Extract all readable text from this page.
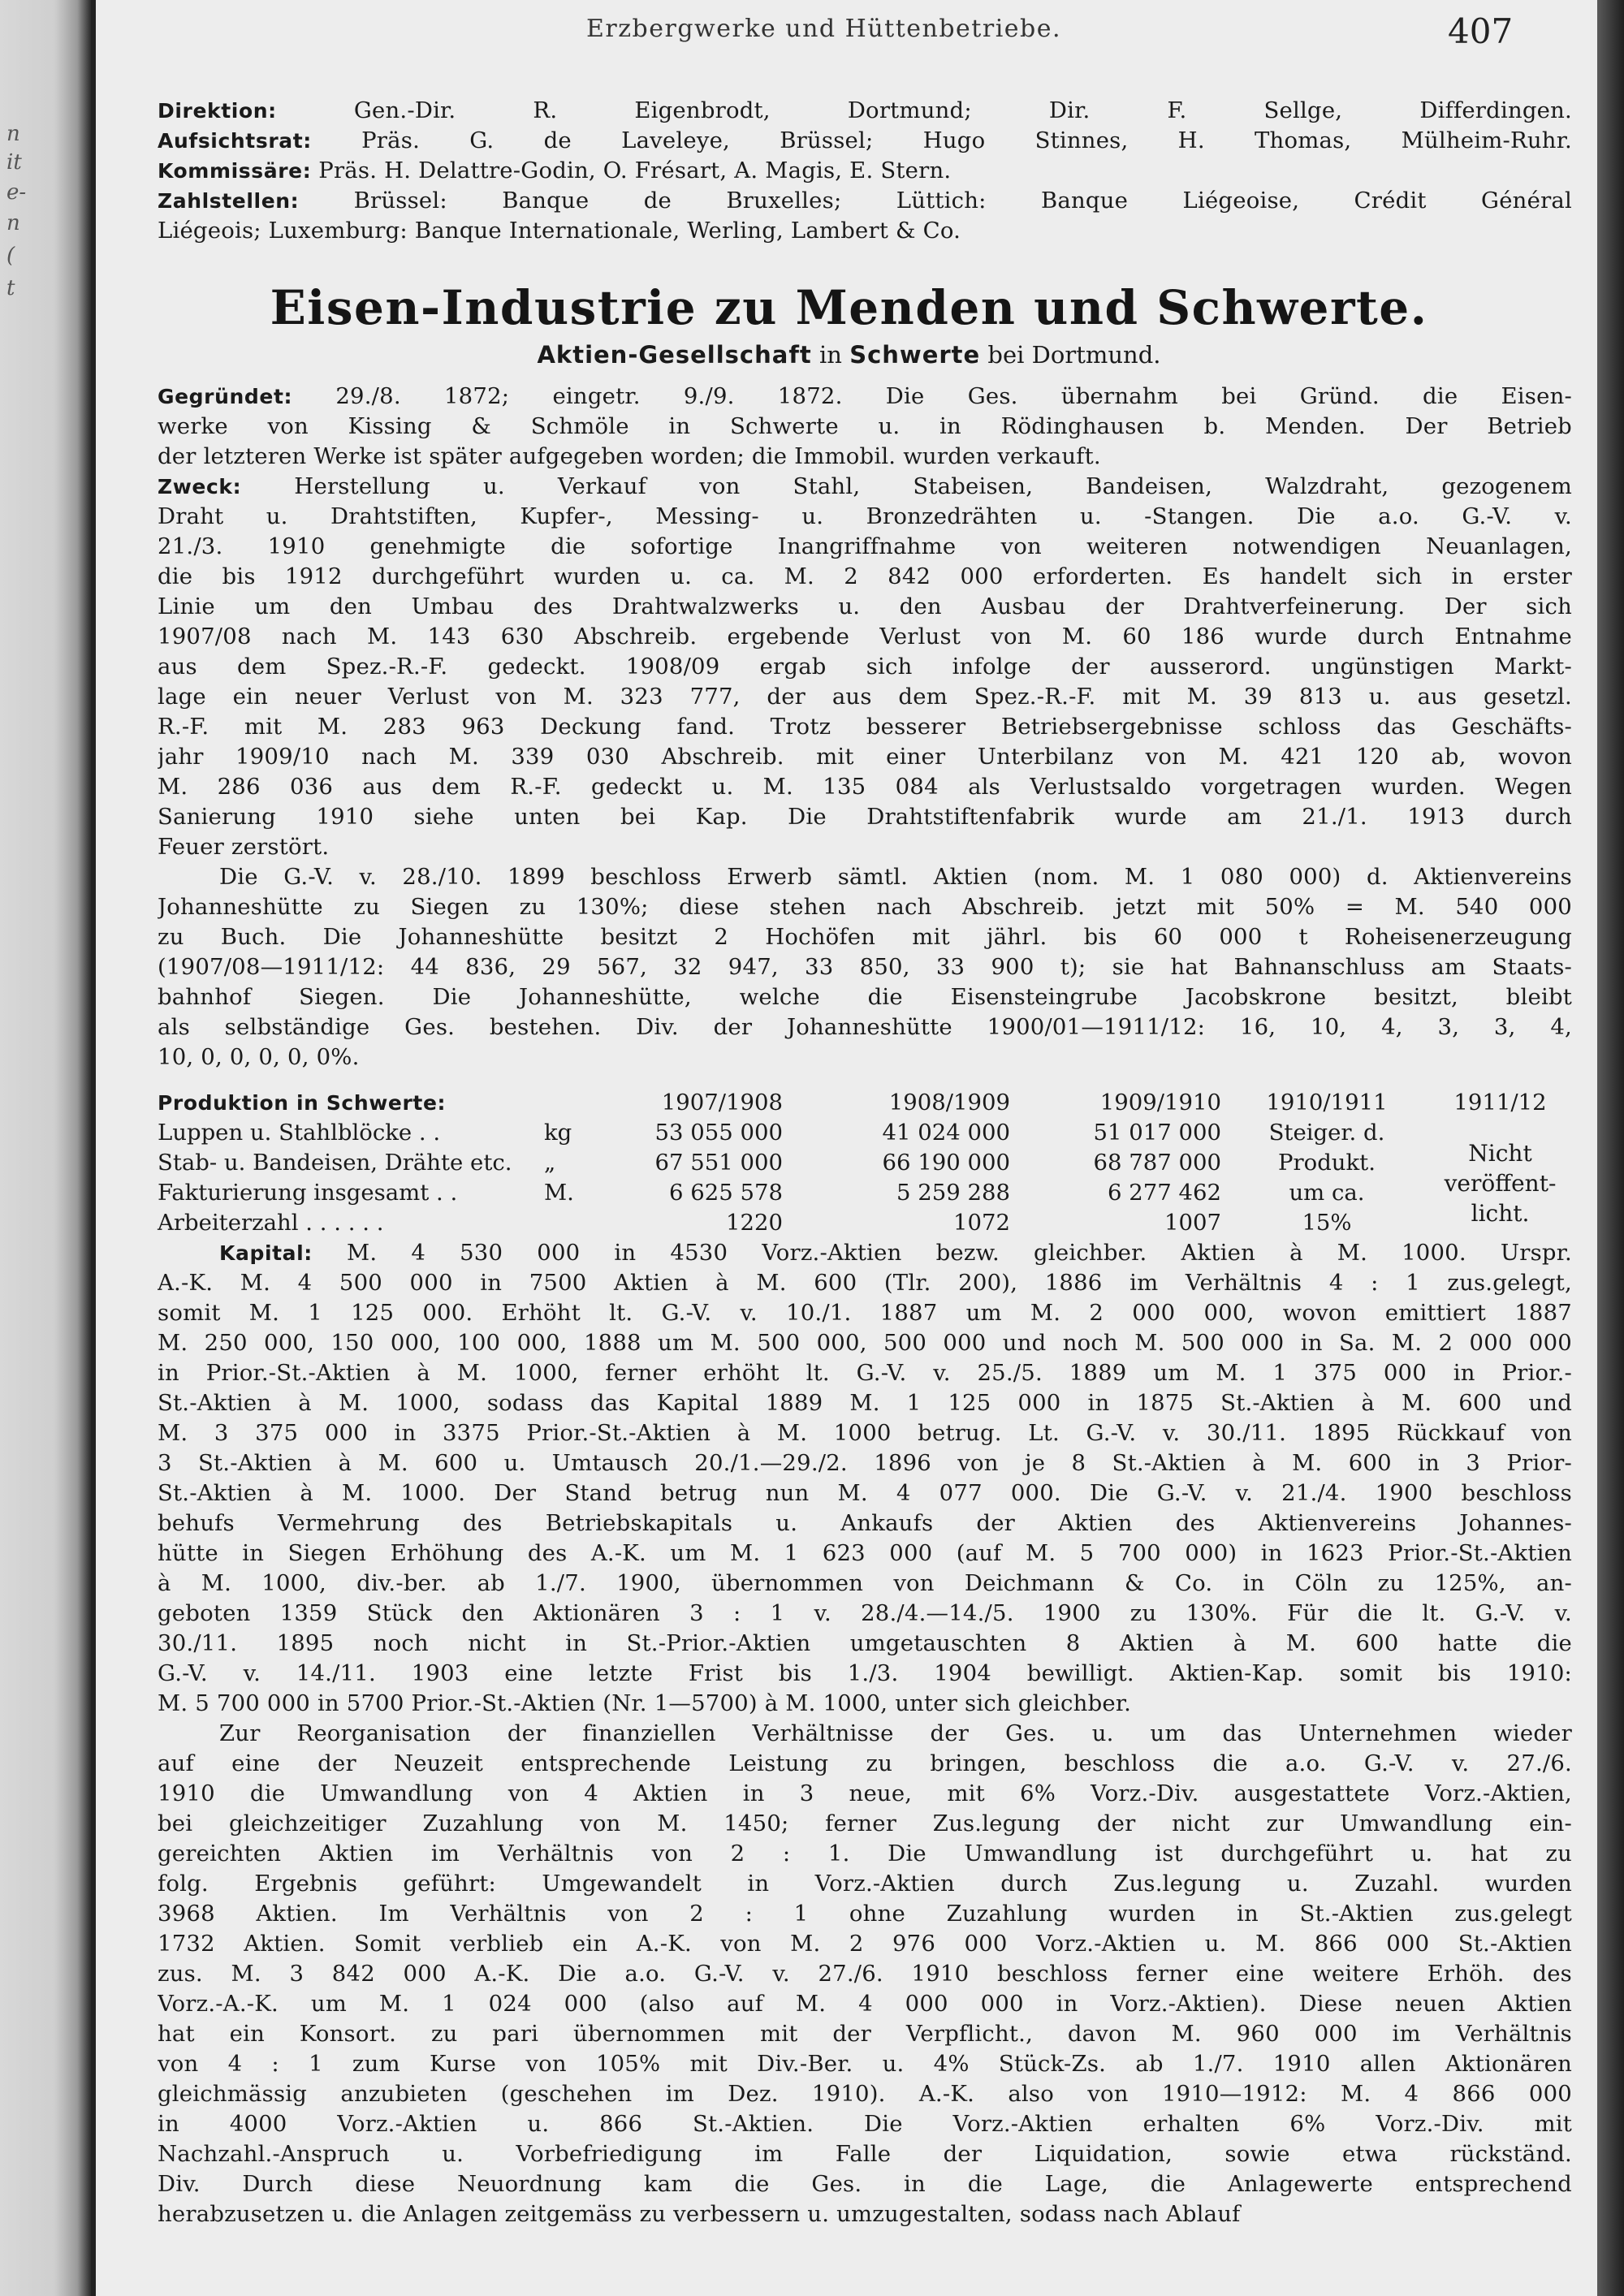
n
it
e-
n
(
t
Erzbergwerke und Hüttenbetriebe.	407
Direktion: Gen.-Dir. R. Eigenbrodt, Dortmund; Dir. F. Sellge, Differdingen.
Aufsichtsrat: Präs. G. de Laveleye, Brüssel; Hugo Stinnes, H. Thomas, Mülheim-Ruhr.
Kommissäre: Präs. H. Delattre-Godin, O. Frésart, A. Magis, E. Stern.
Zahlstellen: Brüssel: Banque de Bruxelles; Lüttich: Banque Liégeoise, Crédit Général
Liégeois; Luxemburg: Banque Internationale, Werling, Lambert & Co.
Eisen-Industrie zu Menden und Schwerte.
Aktien-Gesellschaft in Schwerte bei Dortmund.
Gegründet: 29./8. 1872; eingetr. 9./9. 1872. Die Ges. übernahm bei Gründ. die Eisen-
werke von Kissing & Schmöle in Schwerte u. in Rödinghausen b. Menden. Der Betrieb
der letzteren Werke ist später aufgegeben worden; die Immobil. wurden verkauft.
Zweck: Herstellung u. Verkauf von Stahl, Stabeisen, Bandeisen, Walzdraht, gezogenem
Draht u. Drahtstiften, Kupfer-, Messing- u. Bronzedrähten u. -Stangen. Die a.o. G.-V. v.
21./3. 1910 genehmigte die sofortige Inangriffnahme von weiteren notwendigen Neuanlagen,
die bis 1912 durchgeführt wurden u. ca. M. 2 842 000 erforderten. Es handelt sich in erster
Linie um den Umbau des Drahtwalzwerks u. den Ausbau der Drahtverfeinerung. Der sich
1907/08 nach M. 143 630 Abschreib. ergebende Verlust von M. 60 186 wurde durch Entnahme
aus dem Spez.-R.-F. gedeckt. 1908/09 ergab sich infolge der ausserord. ungünstigen Markt-
lage ein neuer Verlust von M. 323 777, der aus dem Spez.-R.-F. mit M. 39 813 u. aus gesetzl.
R.-F. mit M. 283 963 Deckung fand. Trotz besserer Betriebsergebnisse schloss das Geschäfts-
jahr 1909/10 nach M. 339 030 Abschreib. mit einer Unterbilanz von M. 421 120 ab, wovon
M. 286 036 aus dem R.-F. gedeckt u. M. 135 084 als Verlustsaldo vorgetragen wurden. Wegen
Sanierung 1910 siehe unten bei Kap. Die Drahtstiftenfabrik wurde am 21./1. 1913 durch
Feuer zerstört.
Die G.-V. v. 28./10. 1899 beschloss Erwerb sämtl. Aktien (nom. M. 1 080 000) d. Aktienvereins
Johanneshütte zu Siegen zu 130%; diese stehen nach Abschreib. jetzt mit 50% = M. 540 000
zu Buch. Die Johanneshütte besitzt 2 Hochöfen mit jährl. bis 60 000 t Roheisenerzeugung
(1907/08—1911/12: 44 836, 29 567, 32 947, 33 850, 33 900 t); sie hat Bahnanschluss am Staats-
bahnhof Siegen. Die Johanneshütte, welche die Eisensteingrube Jacobskrone besitzt, bleibt
als selbständige Ges. bestehen. Div. der Johanneshütte 1900/01—1911/12: 16, 10, 4, 3, 3, 4,
10, 0, 0, 0, 0, 0%.
Produktion in Schwerte:	1907/1908	1908/1909	1909/1910	1910/1911	1911/12
Luppen u. Stahlblöcke . .	kg	53 055 000	41 024 000	51 017 000	Steiger. d.
Stab- u. Bandeisen, Drähte etc. „	67 551 000	66 190 000	68 787 000	Produkt.
Fakturierung insgesamt . .	M.	6 625 578	5 259 288	6 277 462	um ca.
Arbeiterzahl . . . . . .	1220	1072	1007	15%
Nicht
veröffent-
licht.
Kapital: M. 4 530 000 in 4530 Vorz.-Aktien bezw. gleichber. Aktien à M. 1000. Urspr.
A.-K. M. 4 500 000 in 7500 Aktien à M. 600 (Tlr. 200), 1886 im Verhältnis 4 : 1 zus.gelegt,
somit M. 1 125 000. Erhöht lt. G.-V. v. 10./1. 1887 um M. 2 000 000, wovon emittiert 1887
M. 250 000, 150 000, 100 000, 1888 um M. 500 000, 500 000 und noch M. 500 000 in Sa. M. 2 000 000
in Prior.-St.-Aktien à M. 1000, ferner erhöht lt. G.-V. v. 25./5. 1889 um M. 1 375 000 in Prior.-
St.-Aktien à M. 1000, sodass das Kapital 1889 M. 1 125 000 in 1875 St.-Aktien à M. 600 und
M. 3 375 000 in 3375 Prior.-St.-Aktien à M. 1000 betrug. Lt. G.-V. v. 30./11. 1895 Rückkauf von
3 St.-Aktien à M. 600 u. Umtausch 20./1.—29./2. 1896 von je 8 St.-Aktien à M. 600 in 3 Prior-
St.-Aktien à M. 1000. Der Stand betrug nun M. 4 077 000. Die G.-V. v. 21./4. 1900 beschloss
behufs Vermehrung des Betriebskapitals u. Ankaufs der Aktien des Aktienvereins Johannes-
hütte in Siegen Erhöhung des A.-K. um M. 1 623 000 (auf M. 5 700 000) in 1623 Prior.-St.-Aktien
à M. 1000, div.-ber. ab 1./7. 1900, übernommen von Deichmann & Co. in Cöln zu 125%, an-
geboten 1359 Stück den Aktionären 3 : 1 v. 28./4.—14./5. 1900 zu 130%. Für die lt. G.-V. v.
30./11. 1895 noch nicht in St.-Prior.-Aktien umgetauschten 8 Aktien à M. 600 hatte die
G.-V. v. 14./11. 1903 eine letzte Frist bis 1./3. 1904 bewilligt. Aktien-Kap. somit bis 1910:
M. 5 700 000 in 5700 Prior.-St.-Aktien (Nr. 1—5700) à M. 1000, unter sich gleichber.
Zur Reorganisation der finanziellen Verhältnisse der Ges. u. um das Unternehmen wieder
auf eine der Neuzeit entsprechende Leistung zu bringen, beschloss die a.o. G.-V. v. 27./6.
1910 die Umwandlung von 4 Aktien in 3 neue, mit 6% Vorz.-Div. ausgestattete Vorz.-Aktien,
bei gleichzeitiger Zuzahlung von M. 1450; ferner Zus.legung der nicht zur Umwandlung ein-
gereichten Aktien im Verhältnis von 2 : 1. Die Umwandlung ist durchgeführt u. hat zu
folg. Ergebnis geführt: Umgewandelt in Vorz.-Aktien durch Zus.legung u. Zuzahl. wurden
3968 Aktien. Im Verhältnis von 2 : 1 ohne Zuzahlung wurden in St.-Aktien zus.gelegt
1732 Aktien. Somit verblieb ein A.-K. von M. 2 976 000 Vorz.-Aktien u. M. 866 000 St.-Aktien
zus. M. 3 842 000 A.-K. Die a.o. G.-V. v. 27./6. 1910 beschloss ferner eine weitere Erhöh. des
Vorz.-A.-K. um M. 1 024 000 (also auf M. 4 000 000 in Vorz.-Aktien). Diese neuen Aktien
hat ein Konsort. zu pari übernommen mit der Verpflicht., davon M. 960 000 im Verhältnis
von 4 : 1 zum Kurse von 105% mit Div.-Ber. u. 4% Stück-Zs. ab 1./7. 1910 allen Aktionären
gleichmässig anzubieten (geschehen im Dez. 1910). A.-K. also von 1910—1912: M. 4 866 000
in 4000 Vorz.-Aktien u. 866 St.-Aktien. Die Vorz.-Aktien erhalten 6% Vorz.-Div. mit
Nachzahl.-Anspruch u. Vorbefriedigung im Falle der Liquidation, sowie etwa rückständ.
Div. Durch diese Neuordnung kam die Ges. in die Lage, die Anlagewerte entsprechend
herabzusetzen u. die Anlagen zeitgemäss zu verbessern u. umzugestalten, sodass nach Ablauf
